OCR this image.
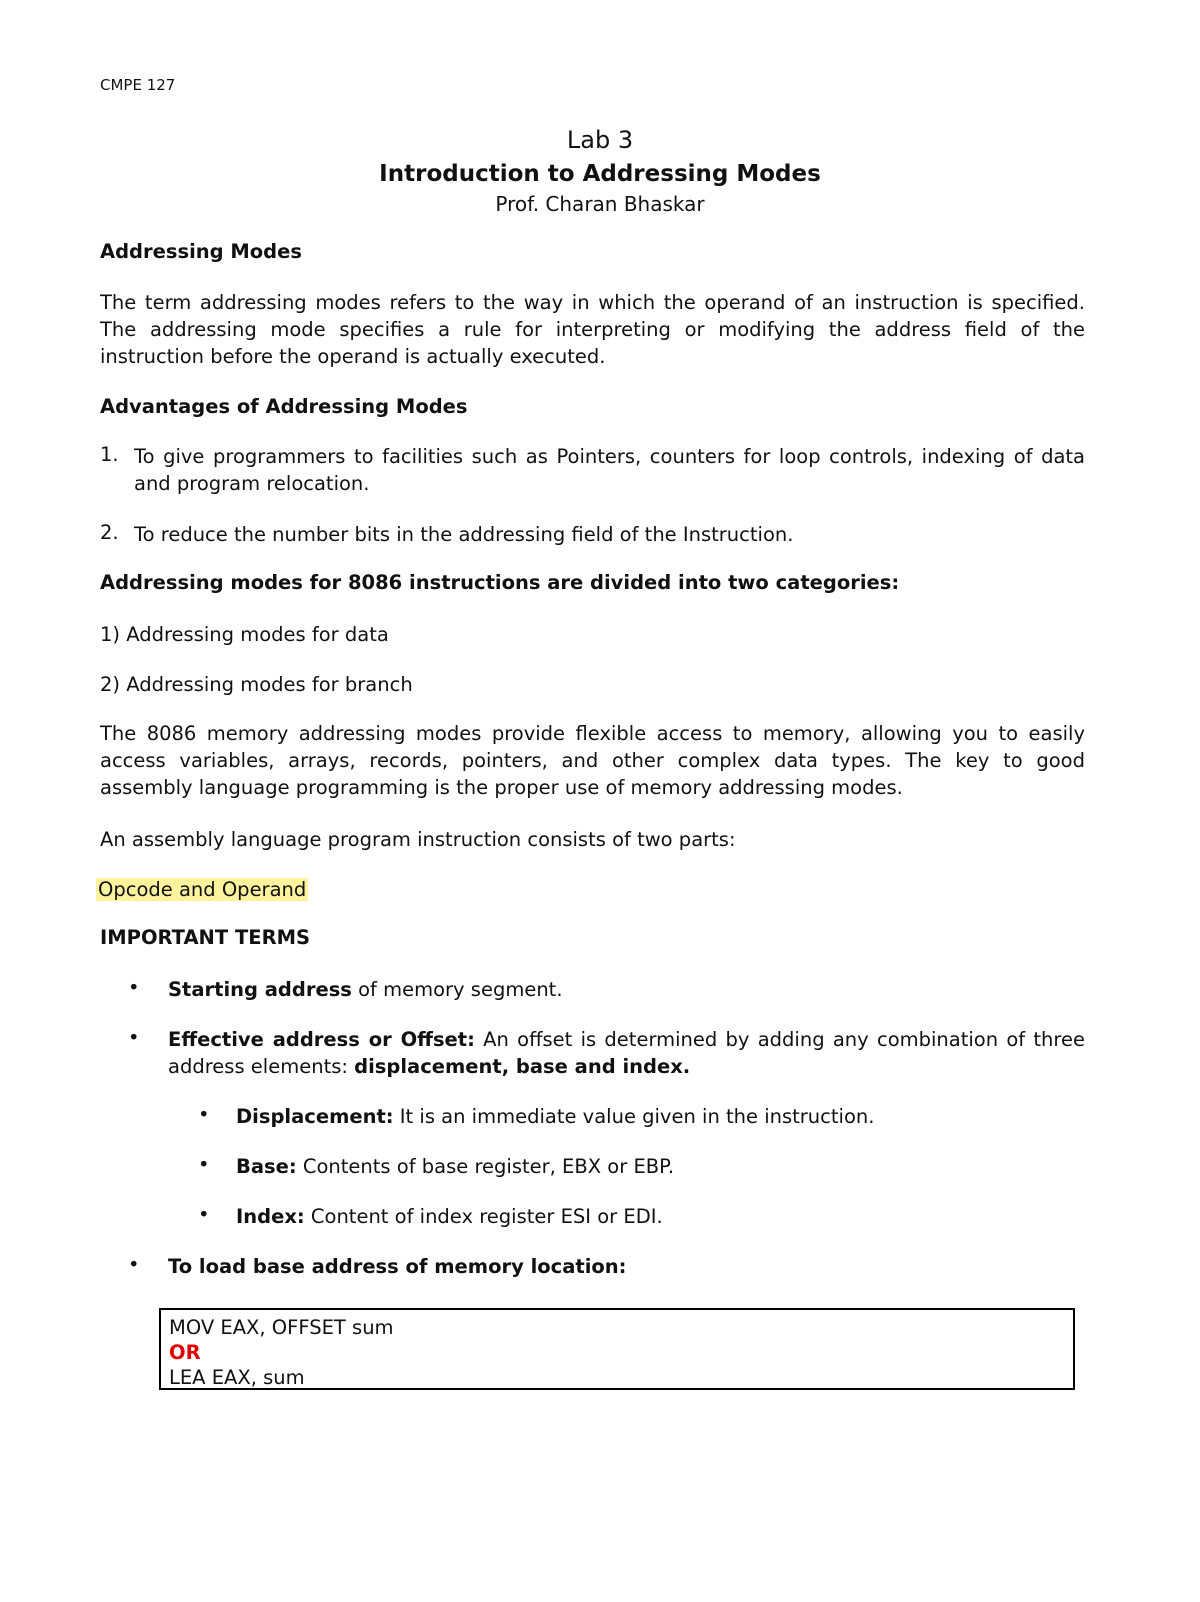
CMPE 127
Lab 3
Introduction to Addressing Modes
Prof. Charan Bhaskar
Addressing Modes

The term addressing modes refers to the way in which the operand of an instruction is specified. The addressing mode specifies a rule for interpreting or modifying the address field of the instruction before the operand is actually executed.

Advantages of Addressing Modes
1. To give programmers to facilities such as Pointers, counters for loop controls, indexing of data and program relocation.

2. To reduce the number bits in the addressing field of the Instruction.

Addressing modes for 8086 instructions are divided into two categories:
1) Addressing modes for data
2) Addressing modes for branch

The 8086 memory addressing modes provide flexible access to memory, allowing you to easily access variables, arrays, records, pointers, and other complex data types. The key to good assembly language programming is the proper use of memory addressing modes.

An assembly language program instruction consists of two parts:
Opcode and Operand
IMPORTANT TERMS
• Starting address of memory segment.

• Effective address or Offset: An offset is determined by adding any combination of three address elements: displacement, base and index.

• Displacement: It is an immediate value given in the instruction.

• Base: Contents of base register, EBX or EBP.

• Index: Content of index register ESI or EDI.

• To load base address of memory location:

MOV EAX, OFFSET sum
OR
LEA EAX, sum
